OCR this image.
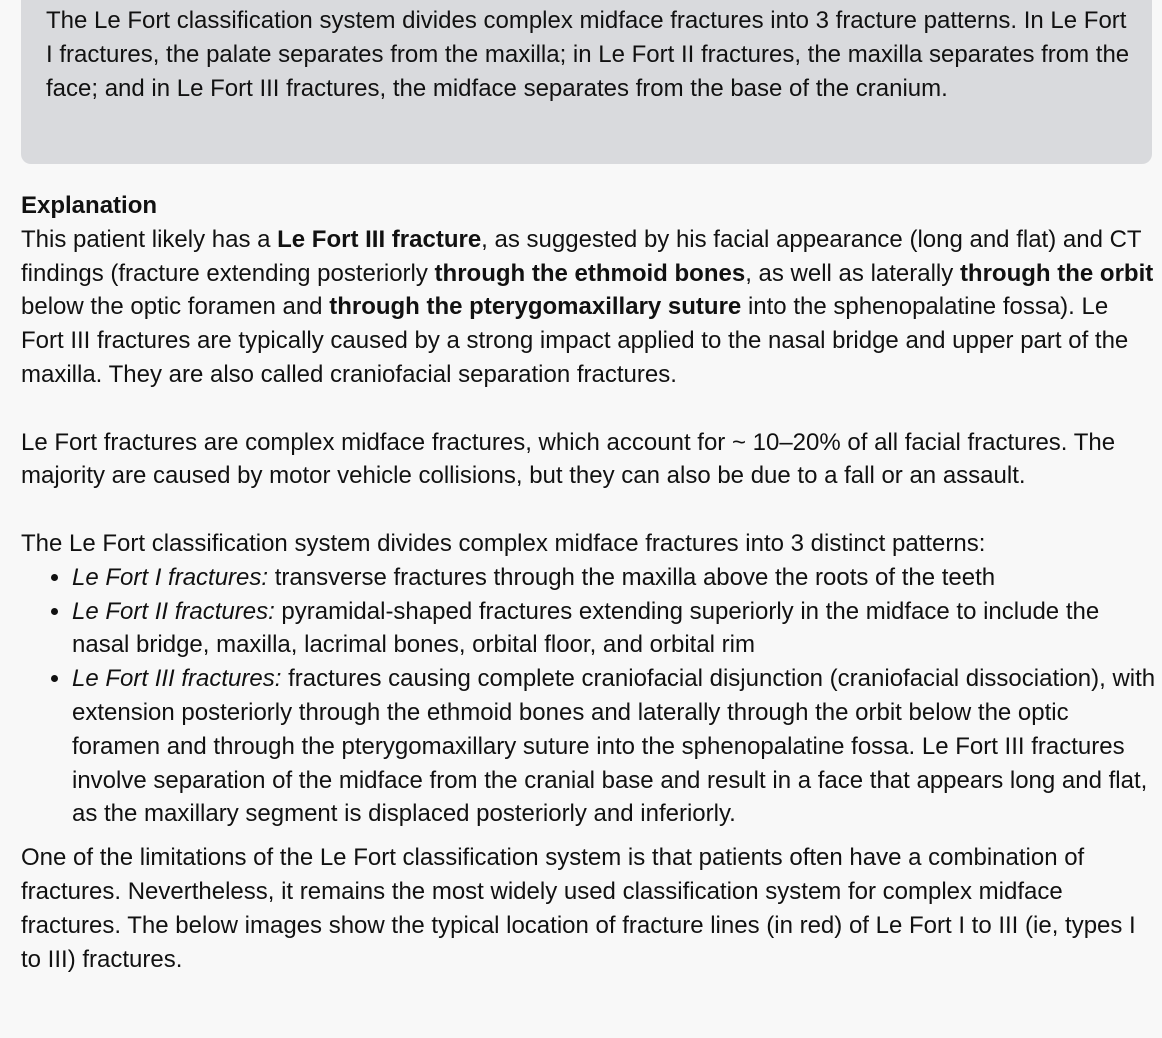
The Le Fort classification system divides complex midface fractures into 3 fracture patterns. In Le Fort I fractures, the palate separates from the maxilla; in Le Fort II fractures, the maxilla separates from the face; and in Le Fort III fractures, the midface separates from the base of the cranium.

Explanation

This patient likely has a Le Fort III fracture, as suggested by his facial appearance (long and flat) and CT findings (fracture extending posteriorly through the ethmoid bones, as well as laterally through the orbit below the optic foramen and through the pterygomaxillary suture into the sphenopalatine fossa). Le Fort III fractures are typically caused by a strong impact applied to the nasal bridge and upper part of the maxilla. They are also called craniofacial separation fractures.

Le Fort fractures are complex midface fractures, which account for ~ 10–20% of all facial fractures. The majority are caused by motor vehicle collisions, but they can also be due to a fall or an assault.

The Le Fort classification system divides complex midface fractures into 3 distinct patterns:

• Le Fort I fractures: transverse fractures through the maxilla above the roots of the teeth
• Le Fort II fractures: pyramidal-shaped fractures extending superiorly in the midface to include the nasal bridge, maxilla, lacrimal bones, orbital floor, and orbital rim
• Le Fort III fractures: fractures causing complete craniofacial disjunction (craniofacial dissociation), with extension posteriorly through the ethmoid bones and laterally through the orbit below the optic foramen and through the pterygomaxillary suture into the sphenopalatine fossa. Le Fort III fractures involve separation of the midface from the cranial base and result in a face that appears long and flat, as the maxillary segment is displaced posteriorly and inferiorly.

One of the limitations of the Le Fort classification system is that patients often have a combination of fractures. Nevertheless, it remains the most widely used classification system for complex midface fractures. The below images show the typical location of fracture lines (in red) of Le Fort I to III (ie, types I to III) fractures.
